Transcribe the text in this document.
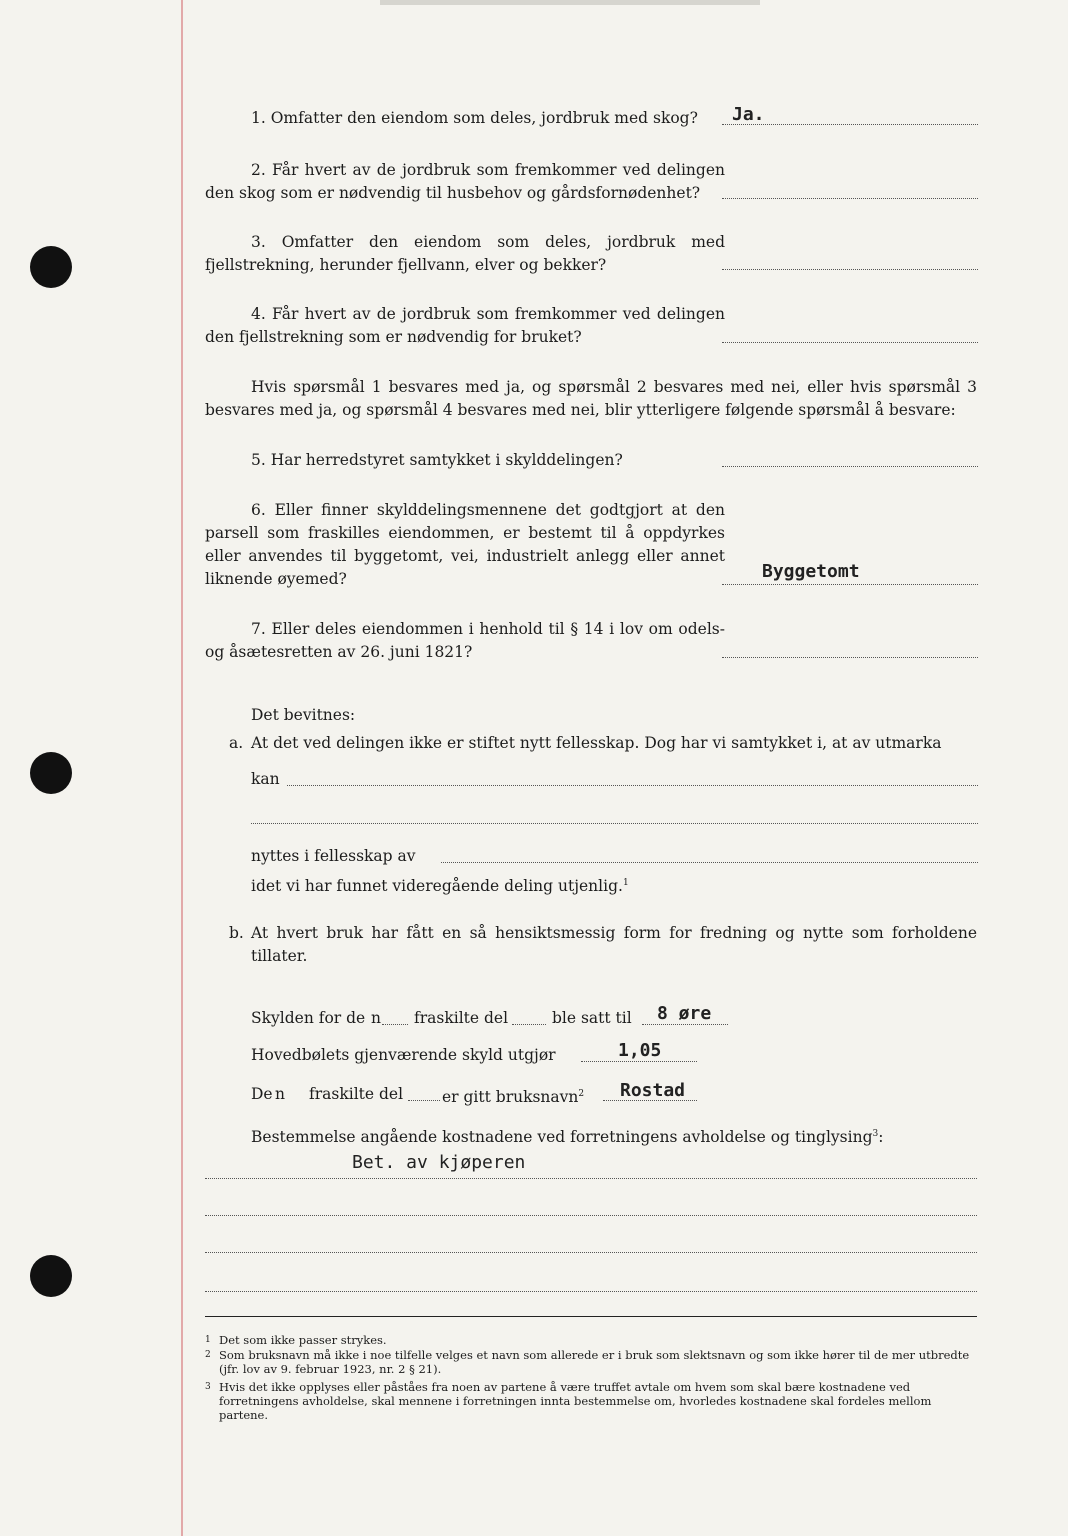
1. Omfatter den eiendom som deles, jordbruk med skog? Ja.
2. Får hvert av de jordbruk som fremkommer ved delingen den skog som er nødvendig til husbehov og gårdsfornødenhet?
3. Omfatter den eiendom som deles, jordbruk med fjellstrekning, herunder fjellvann, elver og bekker?
4. Får hvert av de jordbruk som fremkommer ved delingen den fjellstrekning som er nødvendig for bruket?
Hvis spørsmål 1 besvares med ja, og spørsmål 2 besvares med nei, eller hvis spørsmål 3 besvares med ja, og spørsmål 4 besvares med nei, blir ytterligere følgende spørsmål å besvare:
5. Har herredstyret samtykket i skylddelingen?
6. Eller finner skylddelingsmennene det godtgjort at den parsell som fraskilles eiendommen, er bestemt til å oppdyrkes eller anvendes til byggetomt, vei, industrielt anlegg eller annet liknende øyemed?	Byggetomt
7. Eller deles eiendommen i henhold til § 14 i lov om odels- og åsætesretten av 26. juni 1821?
Det bevitnes:
a. At det ved delingen ikke er stiftet nytt fellesskap. Dog har vi samtykket i, at av utmarka
kan
nyttes i fellesskap av
idet vi har funnet videregående deling utjenlig.$^1$
b. At hvert bruk har fått en så hensiktsmessig form for fredning og nytte som forholdene tillater.
Skylden for de n fraskilte del	ble satt til 8 øre
Hovedbølets gjenværende skyld utgjør	1,05
De n fraskilte del	er gitt bruksnavn$^2$ Rostad
Bestemmelse angående kostnadene ved forretningens avholdelse og tinglysing$^3$:
Bet. av kjøperen
1 Det som ikke passer strykes.
2 Som bruksnavn må ikke i noe tilfelle velges et navn som allerede er i bruk som slektsnavn og som ikke hører til de mer utbredte (jfr. lov av 9. februar 1923, nr. 2 § 21).
3 Hvis det ikke opplyses eller påståes fra noen av partene å være truffet avtale om hvem som skal bære kostnadene ved forretningens avholdelse, skal mennene i forretningen innta bestemmelse om, hvorledes kostnadene skal fordeles mellom partene.
